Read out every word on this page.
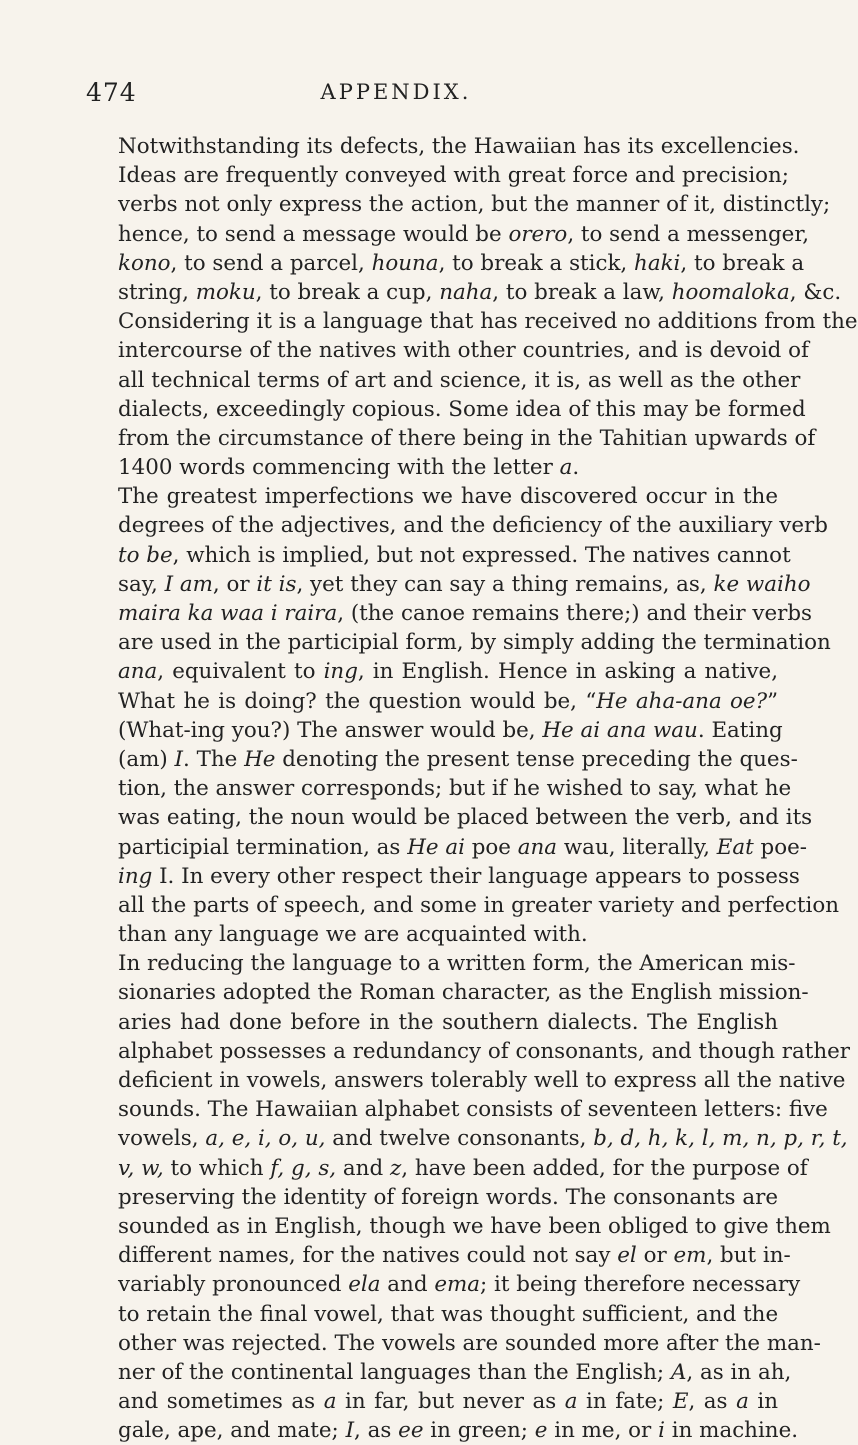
474	APPENDIX.
Notwithstanding its defects, the Hawaiian has its excellencies.
Ideas are frequently conveyed with great force and precision;
verbs not only express the action, but the manner of it, distinctly;
hence, to send a message would be orero, to send a messenger,
kono, to send a parcel, houna, to break a stick, haki, to break a
string, moku, to break a cup, naha, to break a law, hoomaloka, &c.
Considering it is a language that has received no additions from the
intercourse of the natives with other countries, and is devoid of
all technical terms of art and science, it is, as well as the other
dialects, exceedingly copious. Some idea of this may be formed
from the circumstance of there being in the Tahitian upwards of
1400 words commencing with the letter a.
The greatest imperfections we have discovered occur in the
degrees of the adjectives, and the deficiency of the auxiliary verb
to be, which is implied, but not expressed. The natives cannot
say, I am, or it is, yet they can say a thing remains, as, ke waiho
maira ka waa i raira, (the canoe remains there;) and their verbs
are used in the participial form, by simply adding the termination
ana, equivalent to ing, in English. Hence in asking a native,
What he is doing? the question would be, “He aha-ana oe?”
(What-ing you?) The answer would be, He ai ana wau. Eating
(am) I. The He denoting the present tense preceding the ques-
tion, the answer corresponds; but if he wished to say, what he
was eating, the noun would be placed between the verb, and its
participial termination, as He ai poe ana wau, literally, Eat poe-
ing I. In every other respect their language appears to possess
all the parts of speech, and some in greater variety and perfection
than any language we are acquainted with.
In reducing the language to a written form, the American mis-
sionaries adopted the Roman character, as the English mission-
aries had done before in the southern dialects. The English
alphabet possesses a redundancy of consonants, and though rather
deficient in vowels, answers tolerably well to express all the native
sounds. The Hawaiian alphabet consists of seventeen letters: five
vowels, a, e, i, o, u, and twelve consonants, b, d, h, k, l, m, n, p, r, t,
v, w, to which f, g, s, and z, have been added, for the purpose of
preserving the identity of foreign words. The consonants are
sounded as in English, though we have been obliged to give them
different names, for the natives could not say el or em, but in-
variably pronounced ela and ema; it being therefore necessary
to retain the final vowel, that was thought sufficient, and the
other was rejected. The vowels are sounded more after the man-
ner of the continental languages than the English; A, as in ah,
and sometimes as a in far, but never as a in fate; E, as a in
gale, ape, and mate; I, as ee in green; e in me, or i in machine.
